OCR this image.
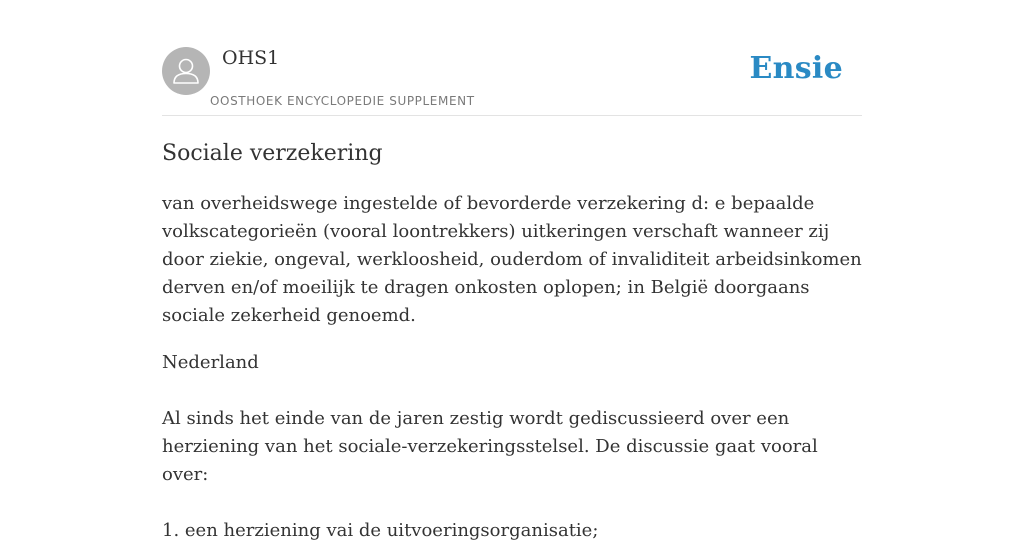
OHS1
OOSTHOEK ENCYCLOPEDIE SUPPLEMENT
Ensie
Sociale verzekering

van overheidswege ingestelde of bevorderde verzekering d: e bepaalde volkscategorieën (vooral loontrekkers) uitkeringen verschaft wanneer zij door ziekie, ongeval, werkloosheid, ouderdom of invaliditeit arbeidsinkomen derven en/of moeilijk te dragen onkosten oplopen; in België doorgaans sociale zekerheid genoemd.

Nederland

Al sinds het einde van de jaren zestig wordt gediscussieerd over een herziening van het sociale-verzekeringsstelsel. De discussie gaat vooral over:

1. een herziening vai de uitvoeringsorganisatie;
